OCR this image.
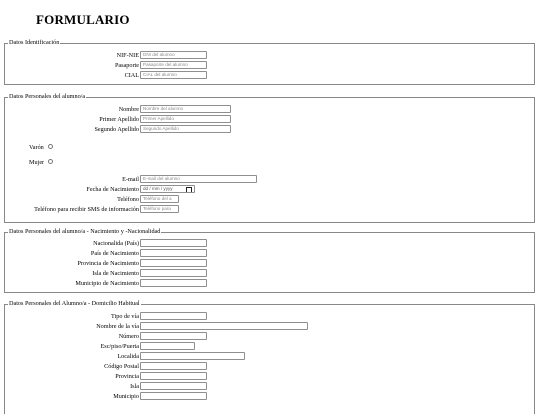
FORMULARIO
Datos Identificación
NIF-NIE DNI del alumno
Pasaporte Pasaporte del alumno
CIAL CIAL del alumno
Datos Personales del alumno/a
Nombre Nombre del alumno
Primer Apellido Primer Apellido
Segundo Apellido Segundo Apellido
Varón
Mujer
E-mail E-mail del alumno
Fecha de Nacimiento dd / mm / yyyy
Teléfono Teléfono del a
Teléfono para recibir SMS de información Teléfono para
Datos Personales del alumno/a - Nacimiento y -Nacionalidad
Nacionalida (País)
País de Nacimiento
Provincia de Nacimiento
Isla de Nacimiento
Municipio de Nacimiento
Datos Personales del Alumno/a - Domicilio Habitual
Tipo de vía
Nombre de la vía
Número
Esc/piso/Puerta
Localida
Código Postal
Provincia
Isla
Municipio
